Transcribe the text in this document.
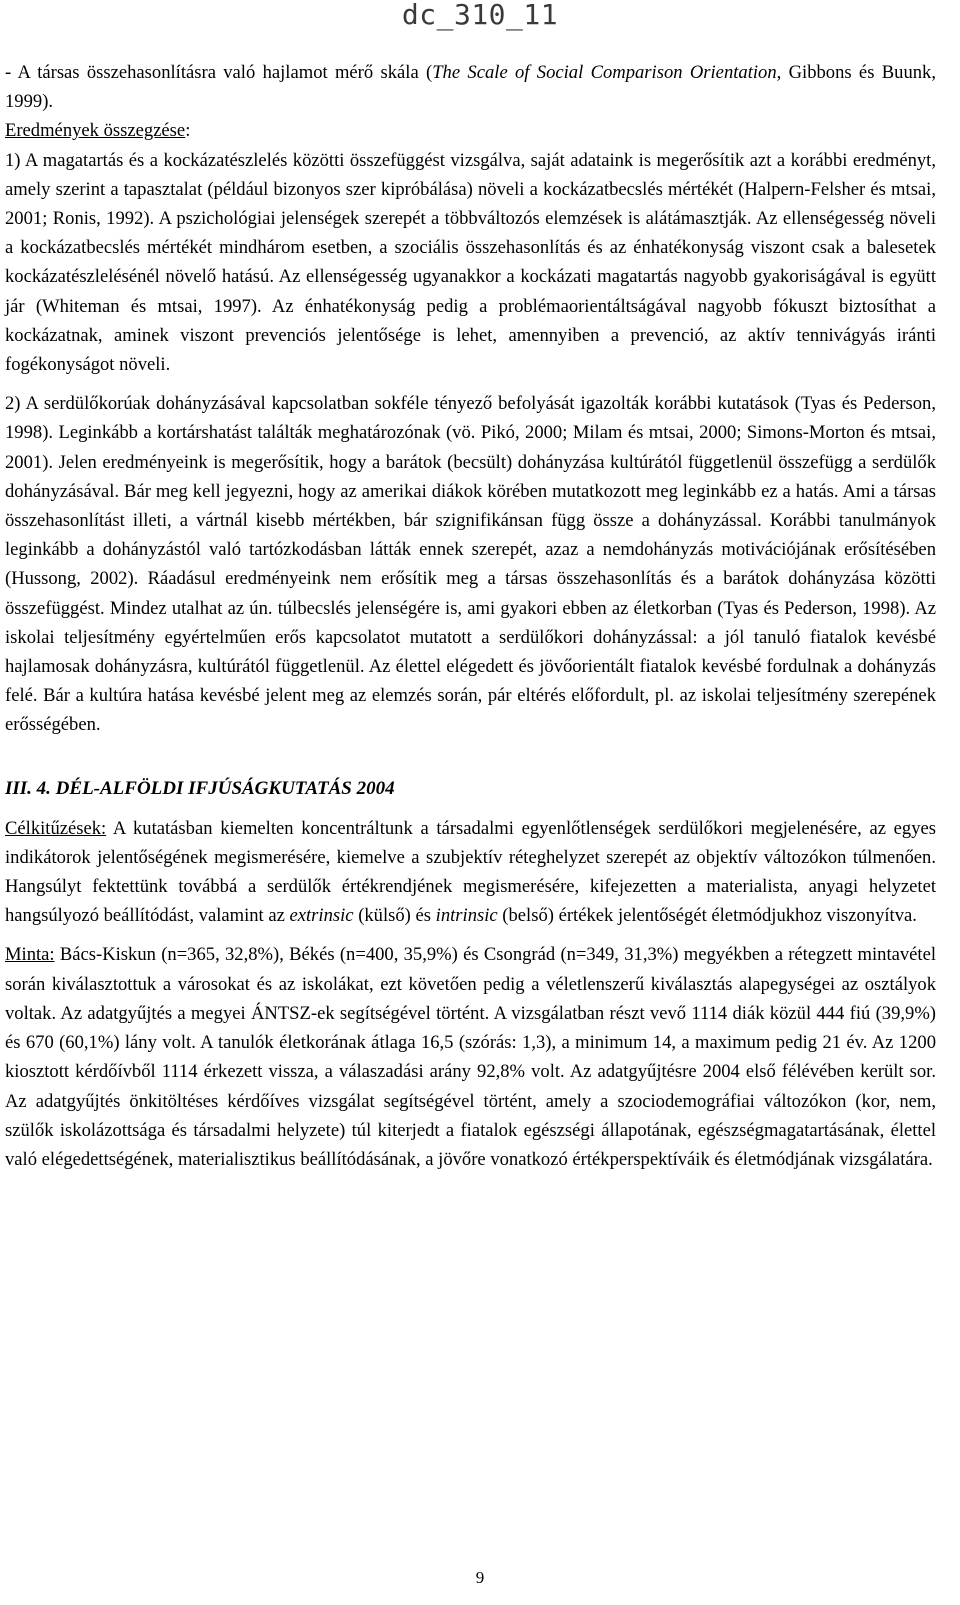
dc_310_11

- A társas összehasonlításra való hajlamot mérő skála (The Scale of Social Comparison Orientation, Gibbons és Buunk, 1999).

Eredmények összegzése:

1) A magatartás és a kockázatészlelés közötti összefüggést vizsgálva, saját adataink is megerősítik azt a korábbi eredményt, amely szerint a tapasztalat (például bizonyos szer kipróbálása) növeli a kockázatbecslés mértékét (Halpern-Felsher és mtsai, 2001; Ronis, 1992). A pszichológiai jelenségek szerepét a többváltozós elemzések is alátámasztják. Az ellenségesség növeli a kockázatbecslés mértékét mindhárom esetben, a szociális összehasonlítás és az énhatékonyság viszont csak a balesetek kockázatészlelésénél növelő hatású. Az ellenségesség ugyanakkor a kockázati magatartás nagyobb gyakoriságával is együtt jár (Whiteman és mtsai, 1997). Az énhatékonyság pedig a problémaorientáltságával nagyobb fókuszt biztosíthat a kockázatnak, aminek viszont prevenciós jelentősége is lehet, amennyiben a prevenció, az aktív tennivágyás iránti fogékonyságot növeli.

2) A serdülőkorúak dohányzásával kapcsolatban sokféle tényező befolyását igazolták korábbi kutatások (Tyas és Pederson, 1998). Leginkább a kortárshatást találták meghatározónak (vö. Pikó, 2000; Milam és mtsai, 2000; Simons-Morton és mtsai, 2001). Jelen eredményeink is megerősítik, hogy a barátok (becsült) dohányzása kultúrától függetlenül összefügg a serdülők dohányzásával. Bár meg kell jegyezni, hogy az amerikai diákok körében mutatkozott meg leginkább ez a hatás. Ami a társas összehasonlítást illeti, a vártnál kisebb mértékben, bár szignifikánsan függ össze a dohányzással. Korábbi tanulmányok leginkább a dohányzástól való tartózkodásban látták ennek szerepét, azaz a nemdohányzás motivációjának erősítésében (Hussong, 2002). Ráadásul eredményeink nem erősítik meg a társas összehasonlítás és a barátok dohányzása közötti összefüggést. Mindez utalhat az ún. túlbecslés jelenségére is, ami gyakori ebben az életkorban (Tyas és Pederson, 1998). Az iskolai teljesítmény egyértelműen erős kapcsolatot mutatott a serdülőkori dohányzással: a jól tanuló fiatalok kevésbé hajlamosak dohányzásra, kultúrától függetlenül. Az élettel elégedett és jövőorientált fiatalok kevésbé fordulnak a dohányzás felé. Bár a kultúra hatása kevésbé jelent meg az elemzés során, pár eltérés előfordult, pl. az iskolai teljesítmény szerepének erősségében.

III. 4. DÉL-ALFÖLDI IFJÚSÁGKUTATÁS 2004

Célkitűzések: A kutatásban kiemelten koncentráltunk a társadalmi egyenlőtlenségek serdülőkori megjelenésére, az egyes indikátorok jelentőségének megismerésére, kiemelve a szubjektív réteghelyzet szerepét az objektív változókon túlmenően. Hangsúlyt fektettünk továbbá a serdülők értékrendjének megismerésére, kifejezetten a materialista, anyagi helyzetet hangsúlyozó beállítódást, valamint az extrinsic (külső) és intrinsic (belső) értékek jelentőségét életmódjukhoz viszonyítva.

Minta: Bács-Kiskun (n=365, 32,8%), Békés (n=400, 35,9%) és Csongrád (n=349, 31,3%) megyékben a rétegzett mintavétel során kiválasztottuk a városokat és az iskolákat, ezt követően pedig a véletlenszerű kiválasztás alapegységei az osztályok voltak. Az adatgyűjtés a megyei ÁNTSZ-ek segítségével történt. A vizsgálatban részt vevő 1114 diák közül 444 fiú (39,9%) és 670 (60,1%) lány volt. A tanulók életkorának átlaga 16,5 (szórás: 1,3), a minimum 14, a maximum pedig 21 év. Az 1200 kiosztott kérdőívből 1114 érkezett vissza, a válaszadási arány 92,8% volt. Az adatgyűjtésre 2004 első félévében került sor. Az adatgyűjtés önkitöltéses kérdőíves vizsgálat segítségével történt, amely a szociodemográfiai változókon (kor, nem, szülők iskolázottsága és társadalmi helyzete) túl kiterjedt a fiatalok egészségi állapotának, egészségmagatartásának, élettel való elégedettségének, materialisztikus beállítódásának, a jövőre vonatkozó értékperspektíváik és életmódjának vizsgálatára.

9
